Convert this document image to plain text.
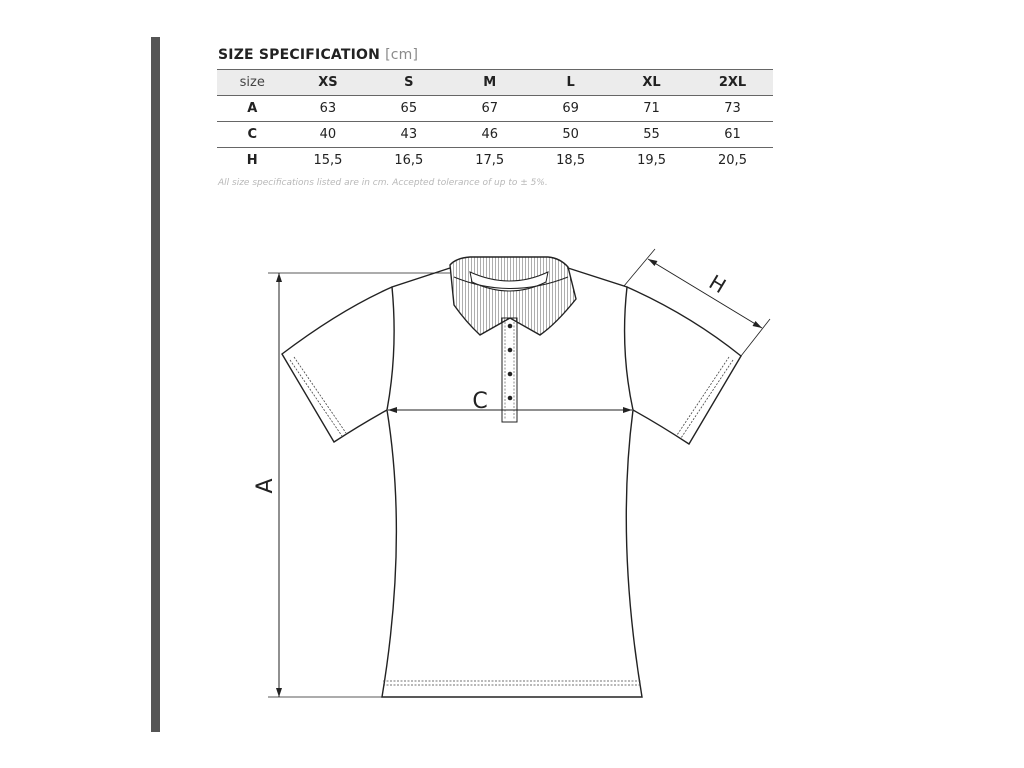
SIZE SPECIFICATION [cm]
size	XS	S	M	L	XL	2XL
A	63	65	67	69	71	73
C	40	43	46	50	55	61
H	15,5	16,5	17,5	18,5	19,5	20,5
All size specifications listed are in cm. Accepted tolerance of up to ± 5%.
A
C
H
